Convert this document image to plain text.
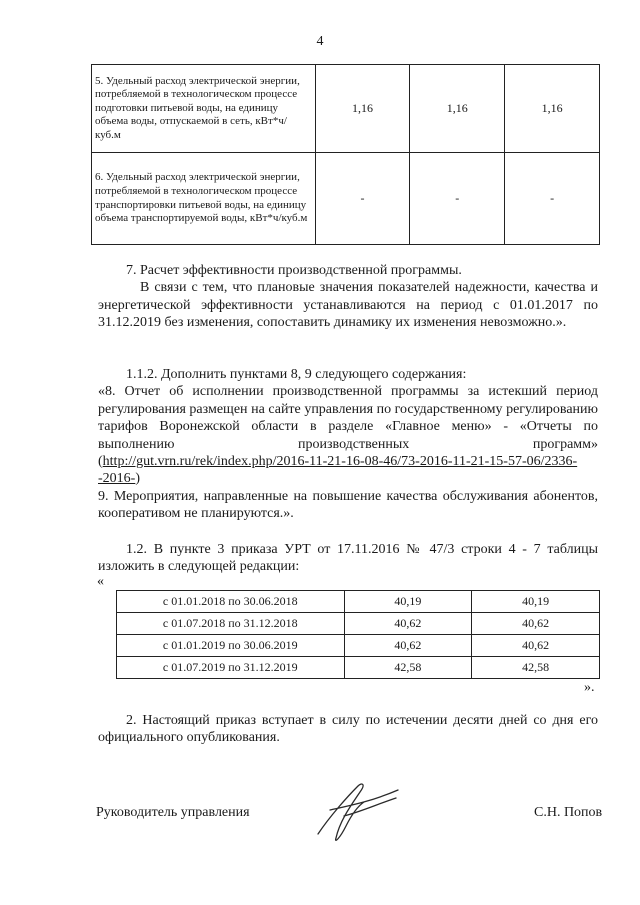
4
5. Удельный расход электрической энергии, потребляемой в технологическом процессе подготовки питьевой воды, на единицу объема воды, отпускаемой в сеть, кВт*ч/куб.м	1,16	1,16	1,16
6. Удельный расход электрической энергии, потребляемой в технологическом процессе транспортировки питьевой воды, на единицу объема транспортируемой воды, кВт*ч/куб.м	-	-	-

7. Расчет эффективности производственной программы.

В связи с тем, что плановые значения показателей надежности, качества и энергетической эффективности устанавливаются на период с 01.01.2017 по 31.12.2019 без изменения, сопоставить динамику их изменения невозможно.».

1.1.2. Дополнить пунктами 8, 9 следующего содержания:

«8. Отчет об исполнении производственной программы за истекший период регулирования размещен на сайте управления по государственному регулированию тарифов Воронежской области в разделе «Главное меню» - «Отчеты по выполнению производственных программ»

(http://gut.vrn.ru/rek/index.php/2016-11-21-16-08-46/73-2016-11-21-15-57-06/2336--2016-)

9. Мероприятия, направленные на повышение качества обслуживания абонентов, кооперативом не планируются.».

1.2. В пункте 3 приказа УРТ от 17.11.2016 № 47/3 строки 4 - 7 таблицы изложить в следующей редакции:

«
с 01.01.2018 по 30.06.2018	40,19	40,19
с 01.07.2018 по 31.12.2018	40,62	40,62
с 01.01.2019 по 30.06.2019	40,62	40,62
с 01.07.2019 по 31.12.2019	42,58	42,58
».

2. Настоящий приказ вступает в силу по истечении десяти дней со дня его официального опубликования.

Руководитель управления	С.Н. Попов
